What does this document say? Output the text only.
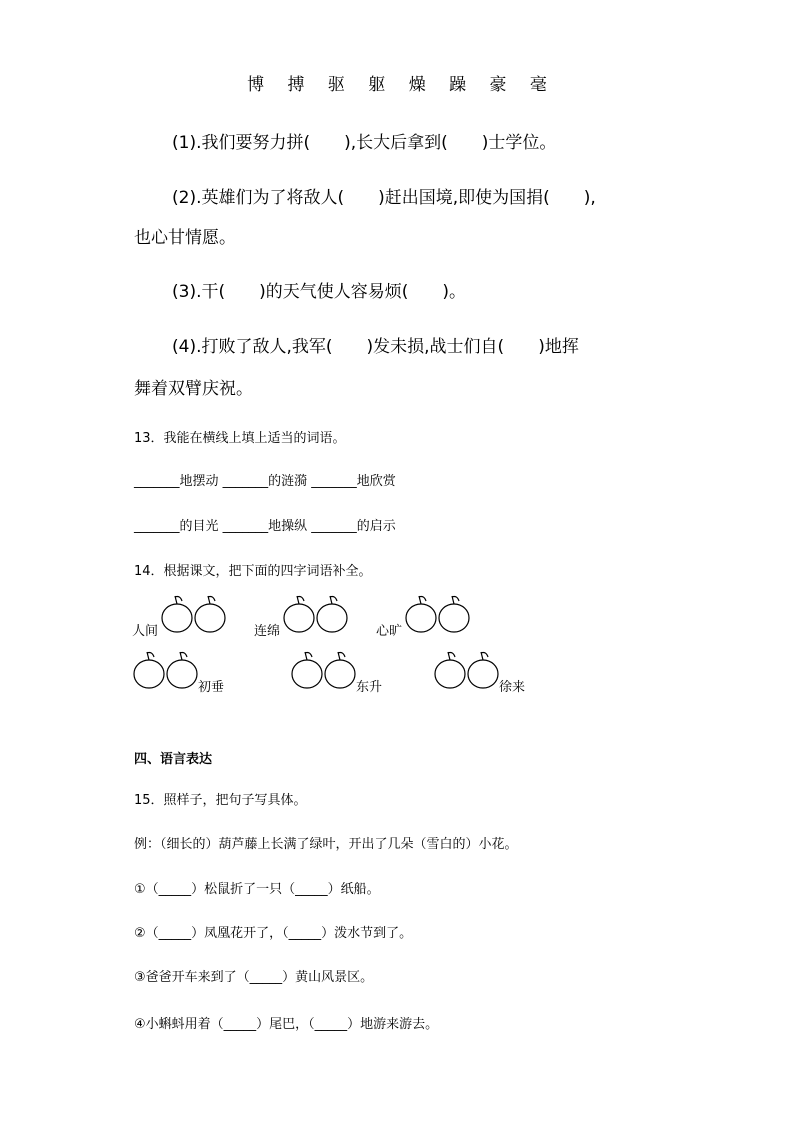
博 搏 驱 躯 燥 躁 豪 毫
(1).我们要努力拼(　　),长大后拿到(　　)士学位。
(2).英雄们为了将敌人(　　)赶出国境,即使为国捐(　　),
也心甘情愿。
(3).干(　　)的天气使人容易烦(　　)。
(4).打败了敌人,我军(　　)发未损,战士们自(　　)地挥
舞着双臂庆祝。
13．我能在横线上填上适当的词语。
_______地摆动 _______的涟漪 _______地欣赏
_______的目光 _______地操纵 _______的启示
14．根据课文，把下面的四字词语补全。
人间	连绵	心旷
初垂	东升	徐来
四、语言表达
15．照样子，把句子写具体。
例：（细长的）葫芦藤上长满了绿叶，开出了几朵（雪白的）小花。
①（_____）松鼠折了一只（_____）纸船。
②（_____）凤凰花开了，（_____）泼水节到了。
③爸爸开车来到了（_____）黄山风景区。
④小蝌蚪用着（_____）尾巴，（_____）地游来游去。
